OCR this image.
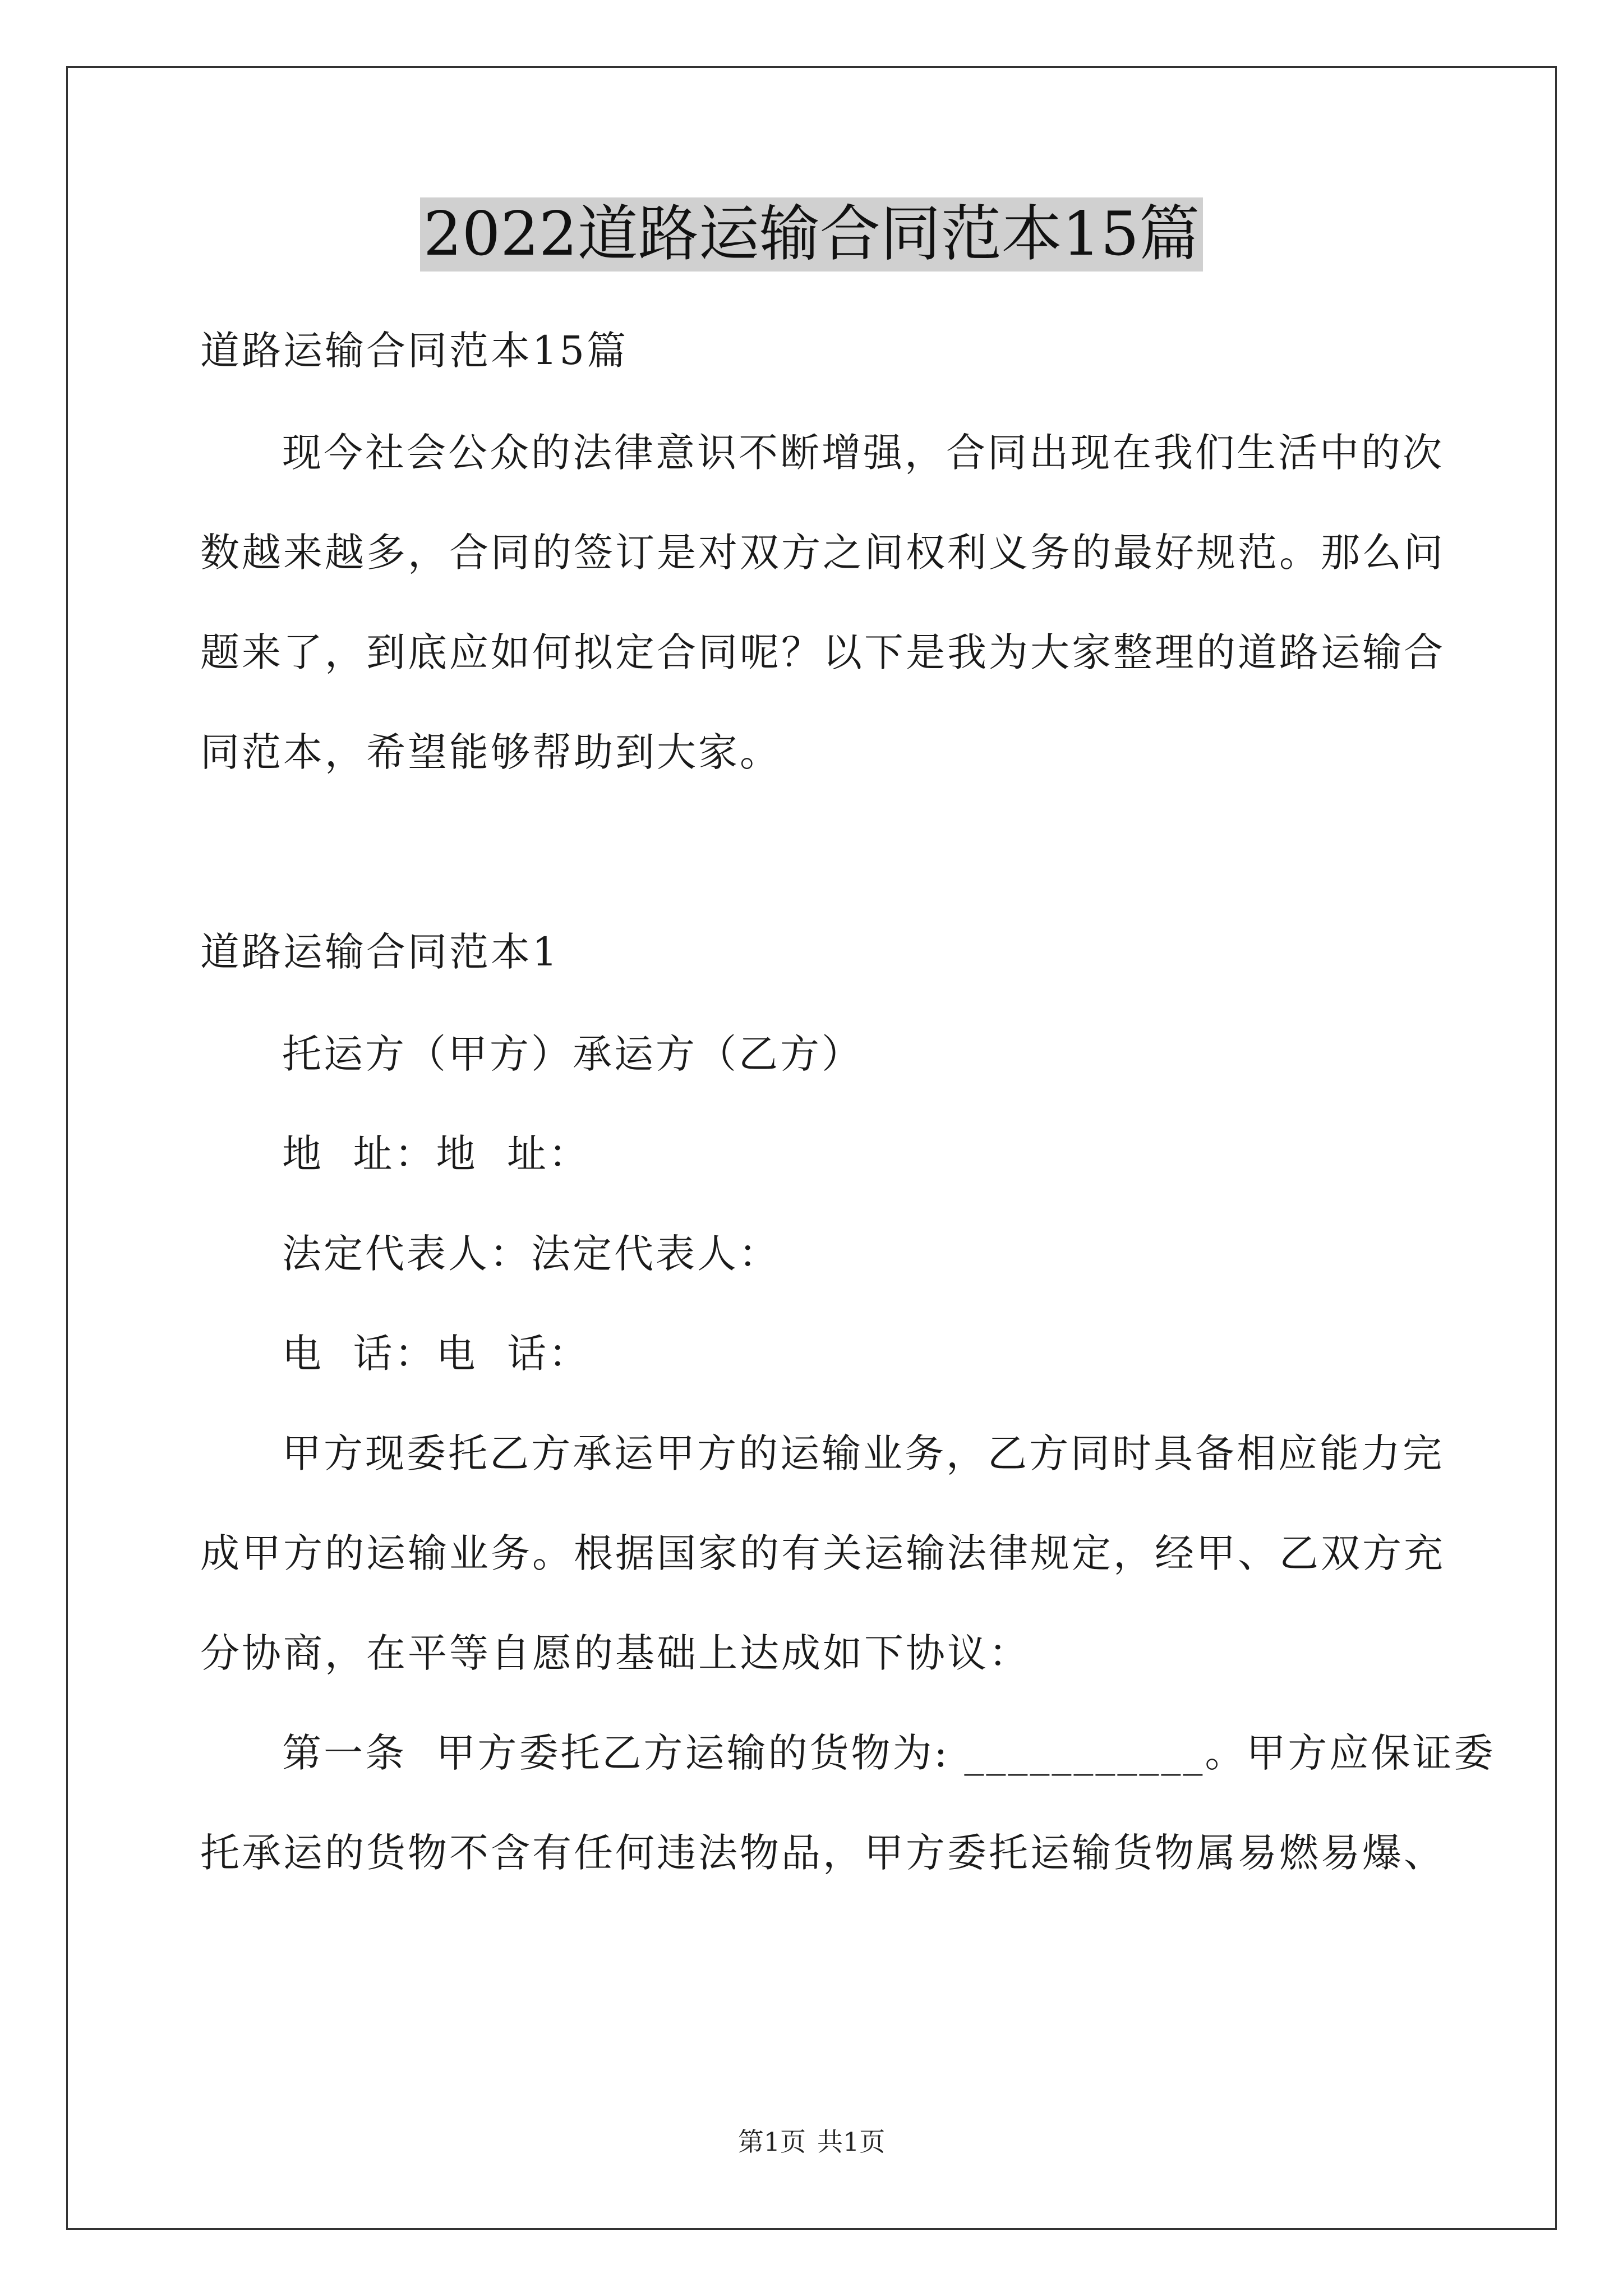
2022道路运输合同范本15篇
道路运输合同范本15篇
现今社会公众的法律意识不断增强，合同出现在我们生活中的次
数越来越多，合同的签订是对双方之间权利义务的最好规范。那么问
题来了，到底应如何拟定合同呢？以下是我为大家整理的道路运输合
同范本，希望能够帮助到大家。
道路运输合同范本1
托运方（甲方）承运方（乙方）
地  址：地  址：
法定代表人：法定代表人：
电  话：电  话：
甲方现委托乙方承运甲方的运输业务，乙方同时具备相应能力完
成甲方的运输业务。根据国家的有关运输法律规定，经甲、乙双方充
分协商，在平等自愿的基础上达成如下协议：
第一条  甲方委托乙方运输的货物为: ___________。甲方应保证委
托承运的货物不含有任何违法物品，甲方委托运输货物属易燃易爆、
第1页 共1页
